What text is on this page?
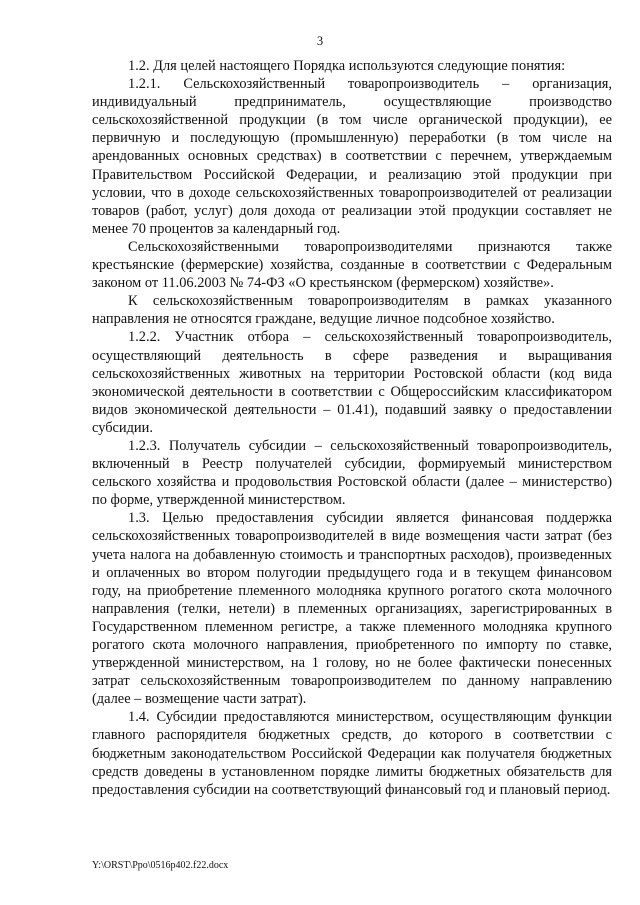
3

1.2. Для целей настоящего Порядка используются следующие понятия:

1.2.1. Сельскохозяйственный товаропроизводитель – организация, индивидуальный предприниматель, осуществляющие производство сельскохозяйственной продукции (в том числе органической продукции), ее первичную и последующую (промышленную) переработки (в том числе на арендованных основных средствах) в соответствии с перечнем, утверждаемым Правительством Российской Федерации, и реализацию этой продукции при условии, что в доходе сельскохозяйственных товаропроизводителей от реализации товаров (работ, услуг) доля дохода от реализации этой продукции составляет не менее 70 процентов за календарный год.

Сельскохозяйственными товаропроизводителями признаются также крестьянские (фермерские) хозяйства, созданные в соответствии с Федеральным законом от 11.06.2003 № 74-ФЗ «О крестьянском (фермерском) хозяйстве».

К сельскохозяйственным товаропроизводителям в рамках указанного направления не относятся граждане, ведущие личное подсобное хозяйство.

1.2.2. Участник отбора – сельскохозяйственный товаропроизводитель, осуществляющий деятельность в сфере разведения и выращивания сельскохозяйственных животных на территории Ростовской области (код вида экономической деятельности в соответствии с Общероссийским классификатором видов экономической деятельности – 01.41), подавший заявку о предоставлении субсидии.

1.2.3. Получатель субсидии – сельскохозяйственный товаропроизводитель, включенный в Реестр получателей субсидии, формируемый министерством сельского хозяйства и продовольствия Ростовской области (далее – министерство) по форме, утвержденной министерством.

1.3. Целью предоставления субсидии является финансовая поддержка сельскохозяйственных товаропроизводителей в виде возмещения части затрат (без учета налога на добавленную стоимость и транспортных расходов), произведенных и оплаченных во втором полугодии предыдущего года и в текущем финансовом году, на приобретение племенного молодняка крупного рогатого скота молочного направления (телки, нетели) в племенных организациях, зарегистрированных в Государственном племенном регистре, а также племенного молодняка крупного рогатого скота молочного направления, приобретенного по импорту по ставке, утвержденной министерством, на 1 голову, но не более фактически понесенных затрат сельскохозяйственным товаропроизводителем по данному направлению (далее – возмещение части затрат).

1.4. Субсидии предоставляются министерством, осуществляющим функции главного распорядителя бюджетных средств, до которого в соответствии с бюджетным законодательством Российской Федерации как получателя бюджетных средств доведены в установленном порядке лимиты бюджетных обязательств для предоставления субсидии на соответствующий финансовый год и плановый период.

Y:\ORST\Ppo\0516p402.f22.docx
